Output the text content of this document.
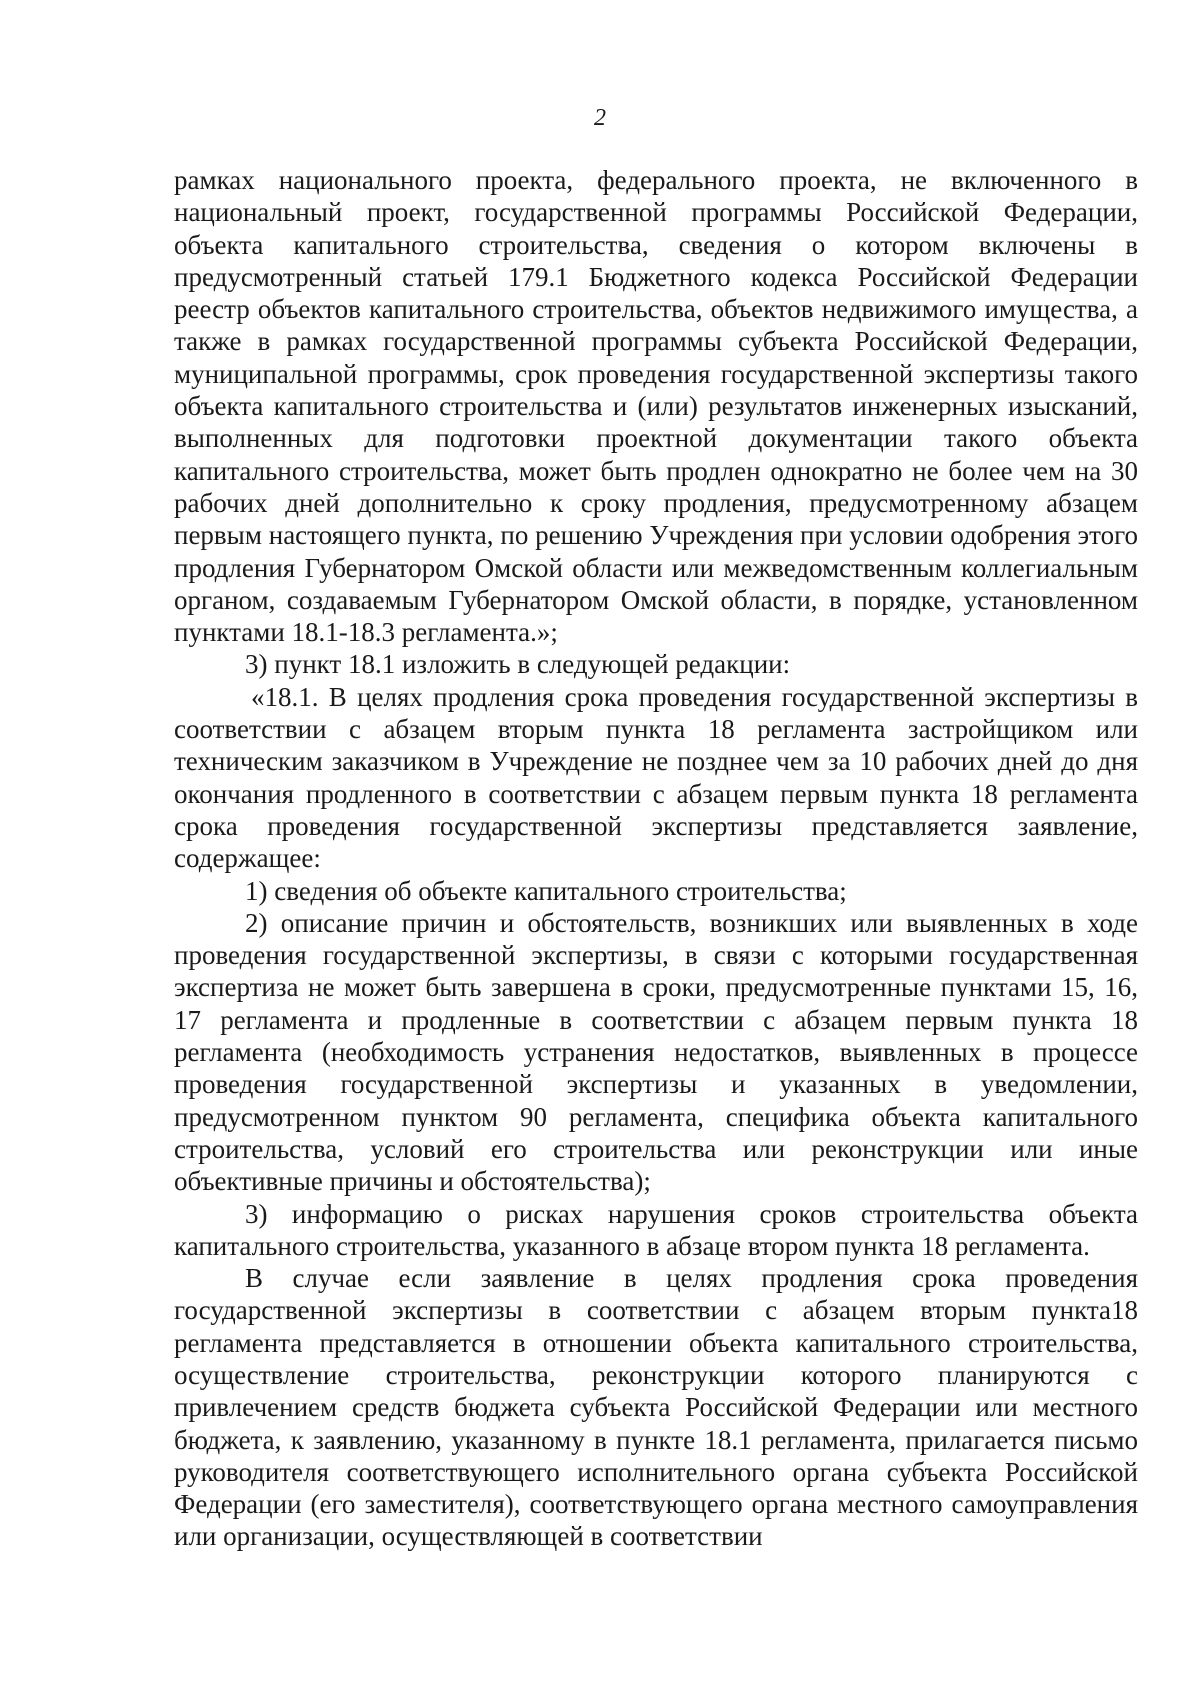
2

рамках национального проекта, федерального проекта, не включенного в национальный проект, государственной программы Российской Федерации, объекта капитального строительства, сведения о котором включены в предусмотренный статьей 179.1 Бюджетного кодекса Российской Федерации реестр объектов капитального строительства, объектов недвижимого имущества, а также в рамках государственной программы субъекта Российской Федерации, муниципальной программы, срок проведения государственной экспертизы такого объекта капитального строительства и (или) результатов инженерных изысканий, выполненных для подготовки проектной документации такого объекта капитального строительства, может быть продлен однократно не более чем на 30 рабочих дней дополнительно к сроку продления, предусмотренному абзацем первым настоящего пункта, по решению Учреждения при условии одобрения этого продления Губернатором Омской области или межведомственным коллегиальным органом, создаваемым Губернатором Омской области, в порядке, установленном пунктами 18.1-18.3 регламента.»;

3) пункт 18.1 изложить в следующей редакции:

«18.1. В целях продления срока проведения государственной экспертизы в соответствии с абзацем вторым пункта 18 регламента застройщиком или техническим заказчиком в Учреждение не позднее чем за 10 рабочих дней до дня окончания продленного в соответствии с абзацем первым пункта 18 регламента срока проведения государственной экспертизы представляется заявление, содержащее:

1) сведения об объекте капитального строительства;

2) описание причин и обстоятельств, возникших или выявленных в ходе проведения государственной экспертизы, в связи с которыми государственная экспертиза не может быть завершена в сроки, предусмотренные пунктами 15, 16, 17 регламента и продленные в соответствии с абзацем первым пункта 18 регламента (необходимость устранения недостатков, выявленных в процессе проведения государственной экспертизы и указанных в уведомлении, предусмотренном пунктом 90 регламента, специфика объекта капитального строительства, условий его строительства или реконструкции или иные объективные причины и обстоятельства);

3) информацию о рисках нарушения сроков строительства объекта капитального строительства, указанного в абзаце втором пункта 18 регламента.

В случае если заявление в целях продления срока проведения государственной экспертизы в соответствии с абзацем вторым пункта18 регламента представляется в отношении объекта капитального строительства, осуществление строительства, реконструкции которого планируются с привлечением средств бюджета субъекта Российской Федерации или местного бюджета, к заявлению, указанному в пункте 18.1 регламента, прилагается письмо руководителя соответствующего исполнительного органа субъекта Российской Федерации (его заместителя), соответствующего органа местного самоуправления или организации, осуществляющей в соответствии
